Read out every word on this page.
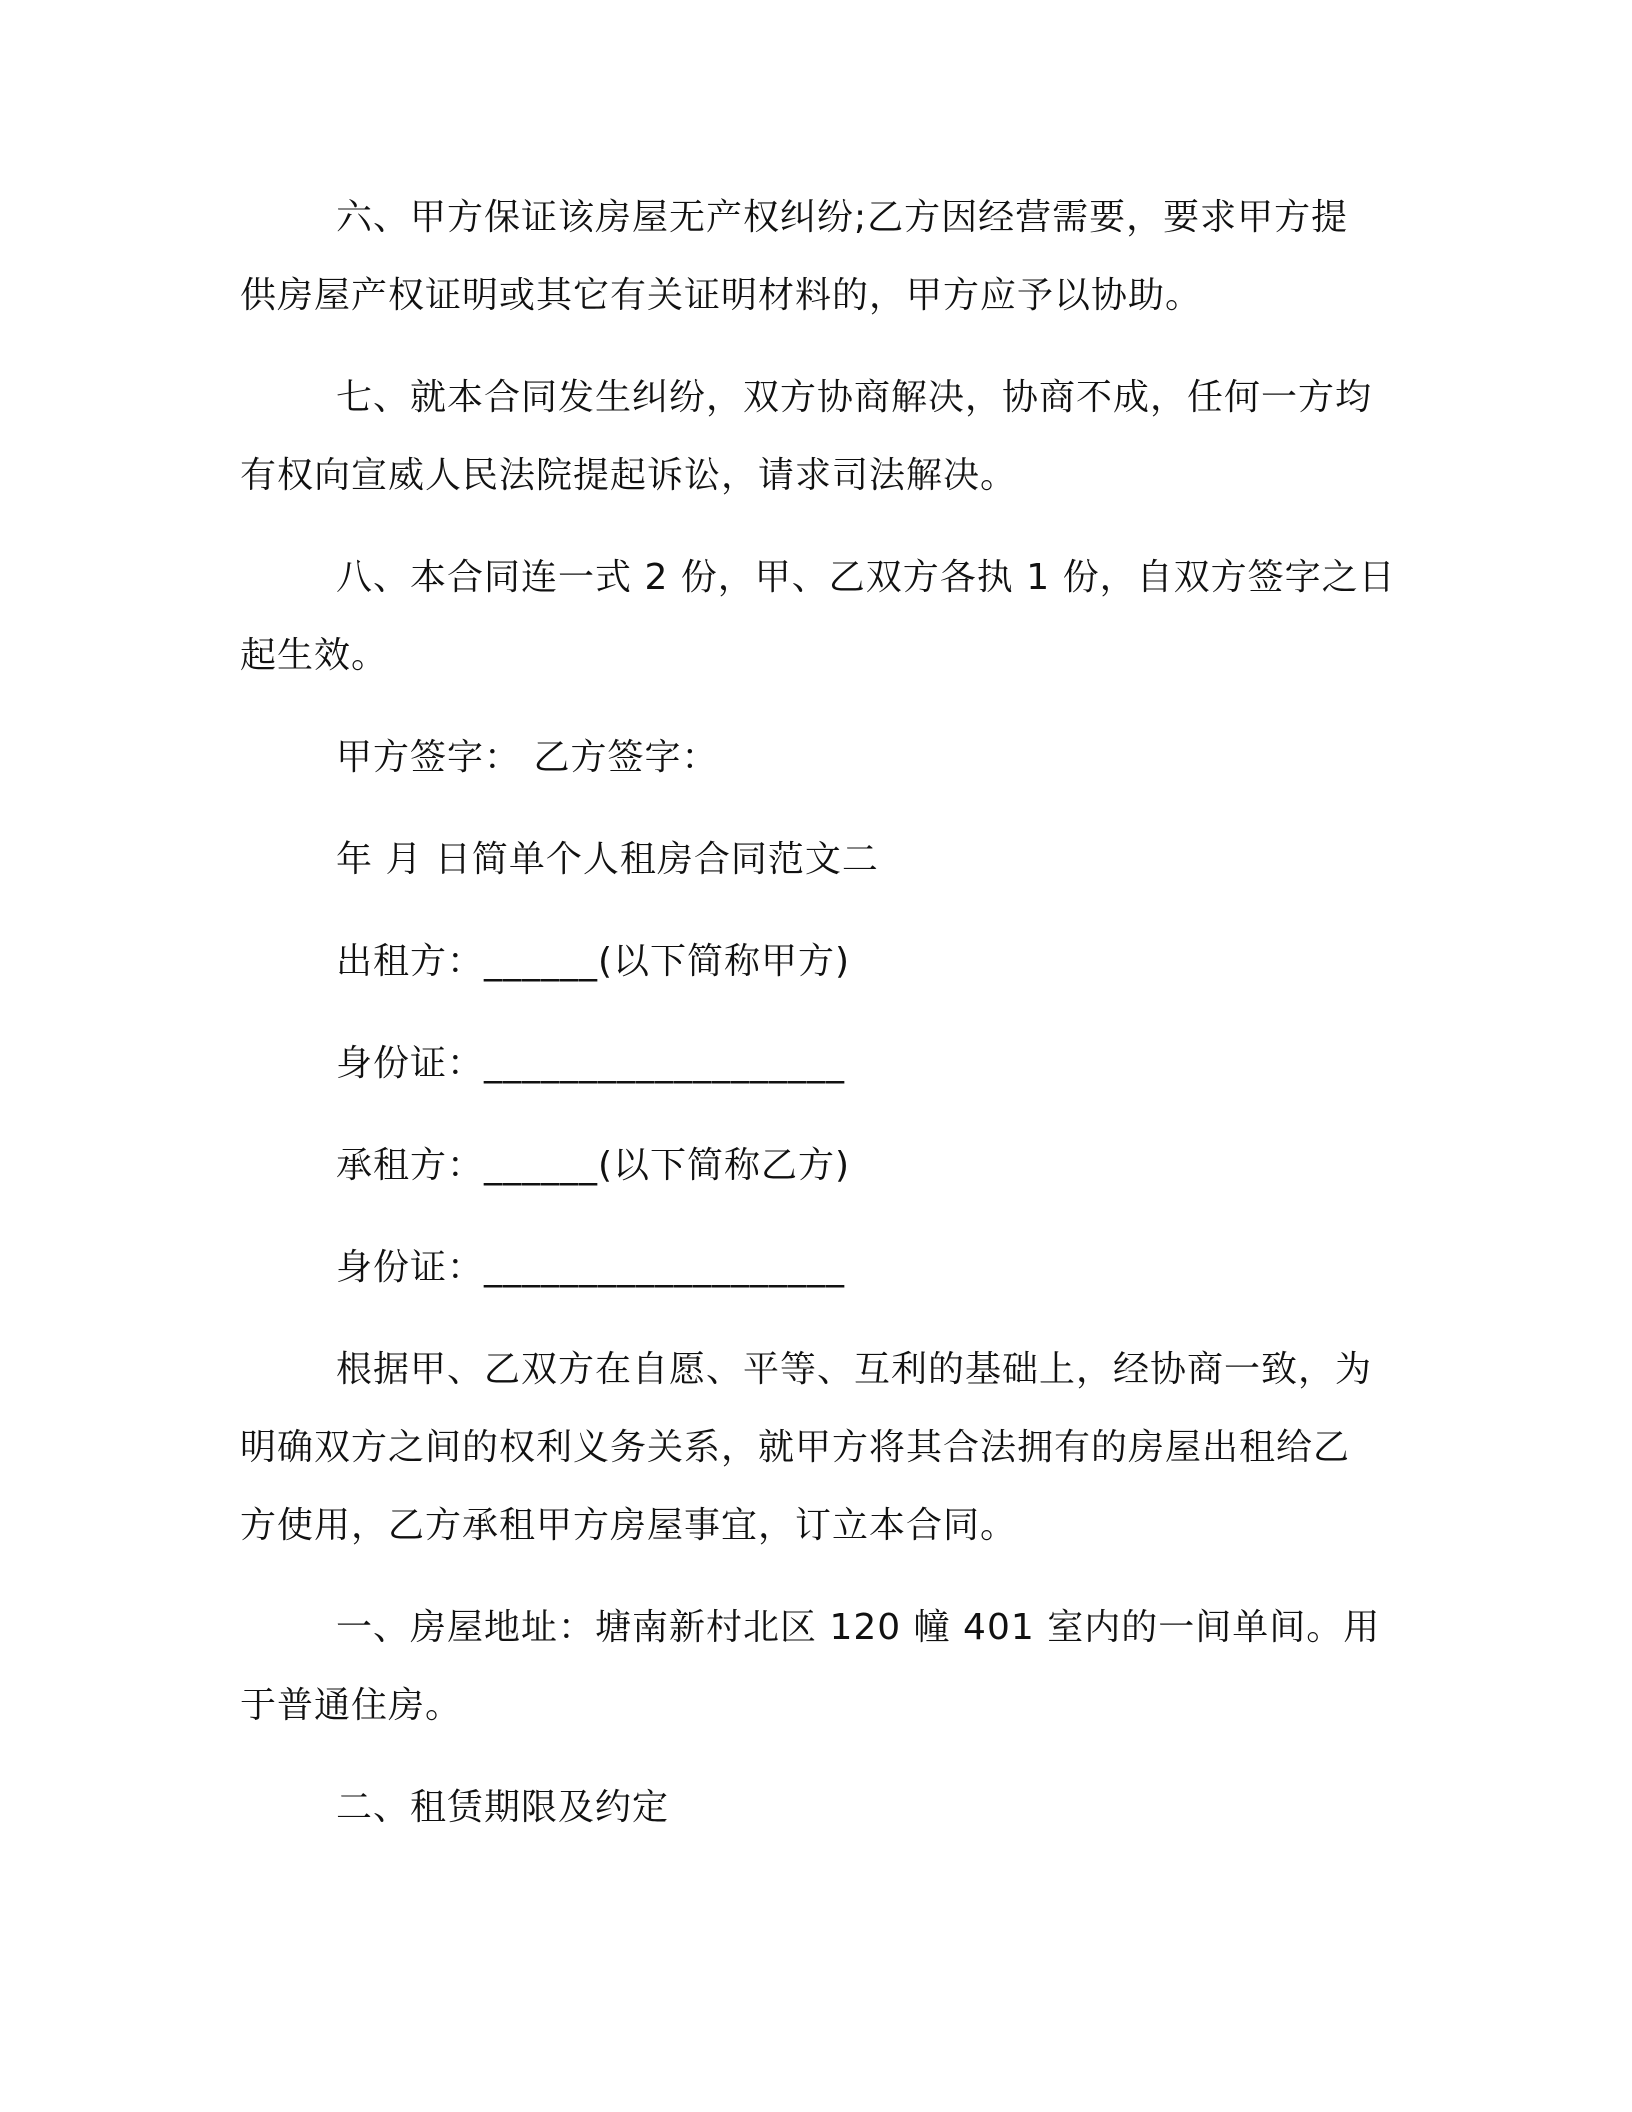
六、甲方保证该房屋无产权纠纷;乙方因经营需要，要求甲方提
供房屋产权证明或其它有关证明材料的，甲方应予以协助。
七、就本合同发生纠纷，双方协商解决，协商不成，任何一方均
有权向宣威人民法院提起诉讼，请求司法解决。
八、本合同连一式 2 份，甲、乙双方各执 1 份，自双方签字之日
起生效。
甲方签字： 乙方签字：
年 月 日简单个人租房合同范文二
出租方：______(以下简称甲方)
身份证：___________________
承租方：______(以下简称乙方)
身份证：___________________
根据甲、乙双方在自愿、平等、互利的基础上，经协商一致，为
明确双方之间的权利义务关系，就甲方将其合法拥有的房屋出租给乙
方使用，乙方承租甲方房屋事宜，订立本合同。
一、房屋地址：塘南新村北区 120 幢 401 室内的一间单间。用
于普通住房。
二、租赁期限及约定
